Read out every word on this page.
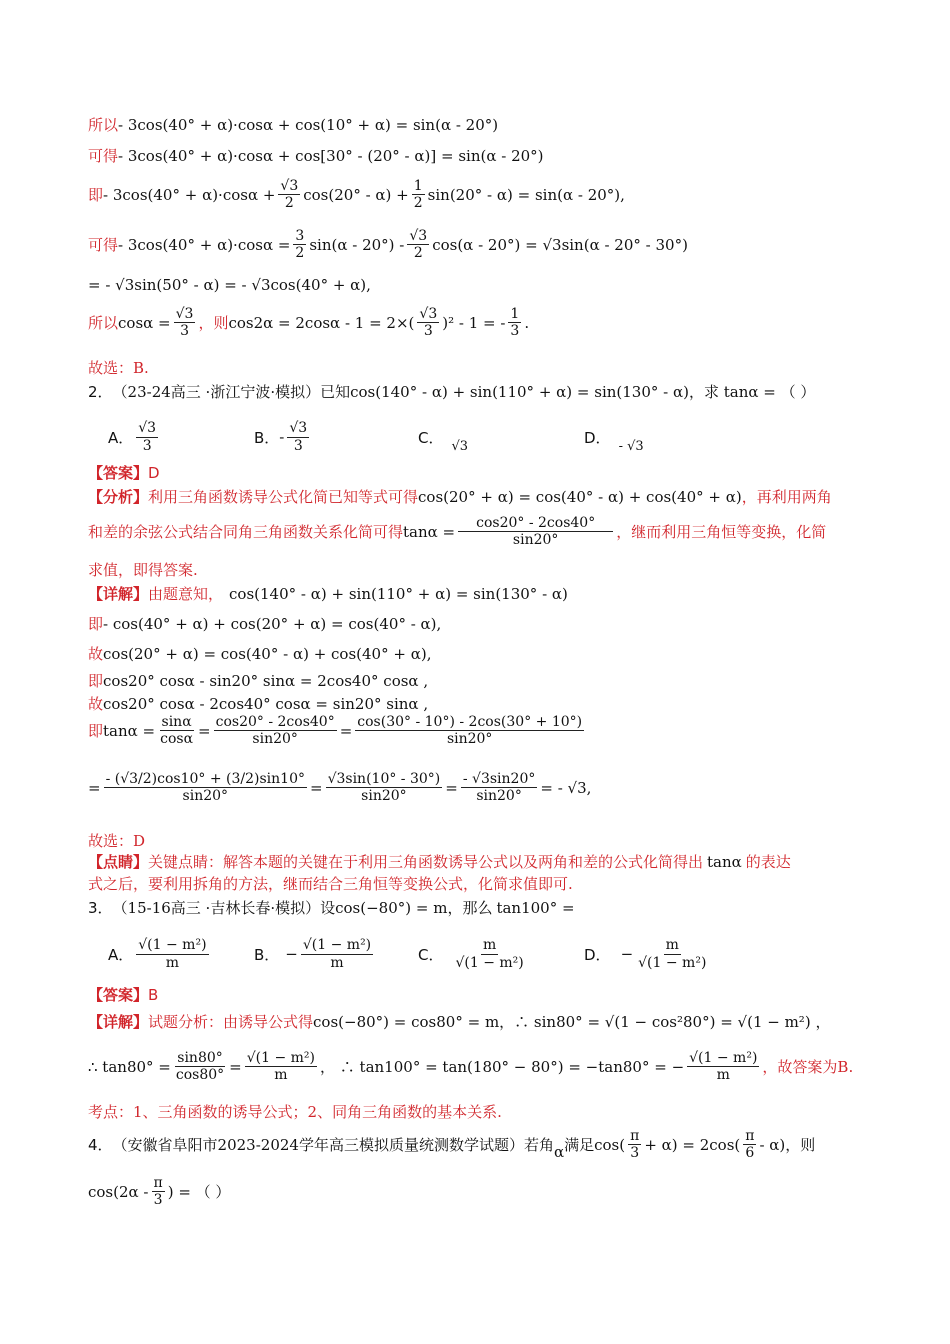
所以 - 3cos(40° + α)·cosα + cos(10° + α) = sin(α - 20°)
可得 - 3cos(40° + α)·cosα + cos[30° - (20° - α)] = sin(α - 20°)
即 - $3\cos(40^\circ + \alpha)\cdot\cos\alpha + \frac{√3}{2} \cos(20^\circ - \alpha) + \frac{1}{2} \sin(20^\circ - \alpha) = \sin(\alpha - 20^\circ)$,
可得 - $3\cos(40^\circ + \alpha)\cdot\cos\alpha = \frac{3}{2} \sin(\alpha - 20^\circ) - \frac{√3}{2} \cos(\alpha - 20^\circ) = √3\sin(\alpha - 20^\circ - 30^\circ)$
= - √3sin(50° - α) = - √3cos(40° + α),
所以 $\cos\alpha = \frac{√3}{3}$ ，则 $\cos 2\alpha = 2\cos\alpha - 1 = 2\times( \frac{√3}{3} )^2 - 1$ = - $\frac{1}{3}$ .
故选：B.
2． （23-24高三 ·浙江宁波·模拟）已知 cos(140° - α) + sin(110° + α) = sin(130° - α) ，求 tanα = （ ）
A． $\frac{√3}{3}$	B． - $\frac{√3}{3}$	C． √3	D． - √3
【答案】 D
【分析】 利用三角函数诱导公式化简已知等式可得 cos(20° + α) = cos(40° - α) + cos(40° + α) ，再利用两角
和差的余弦公式结合同角三角函数关系化简可得 $\tan\alpha = \frac{\cos 20^\circ - 2\cos 40^\circ}{\sin 20^\circ}$ ，继而利用三角恒等变换，化简
求值，即得答案.
【详解】 由题意知， cos(140° - α) + sin(110° + α) = sin(130° - α)
即 - cos(40° + α) + cos(20° + α) = cos(40° - α),
故 cos(20° + α) = cos(40° - α) + cos(40° + α),
即 cos20° cosα - sin20° sinα = 2cos40° cosα ,
故 cos20° cosα - 2cos40° cosα = sin20° sinα ,
即 $\tan\alpha = \frac{\sin\alpha}{\cos\alpha} = \frac{\cos 20^\circ - 2\cos 40^\circ}{\sin 20^\circ} = \frac{\cos(30^\circ - 10^\circ) - 2\cos(30^\circ + 10^\circ)}{\sin 20^\circ}$
= $\frac{- (√3/2)\cos 10^\circ + (3/2)\sin 10^\circ}{\sin 20^\circ} = \frac{√3\sin(10^\circ - 30^\circ)}{\sin 20^\circ} = \frac{- √3\sin 20^\circ}{\sin 20^\circ}$ = - √3,
故选：D
【点睛】 关键点睛：解答本题的关键在于利用三角函数诱导公式以及两角和差的公式化简得出 tanα 的表达
式之后，要利用拆角的方法，继而结合三角恒等变换公式，化简求值即可.
3． （15-16高三 ·吉林长春·模拟）设 cos(−80°) = m ，那么 tan100° =
A． $\frac{\text{√(1 − m²)}}{m}$	B． − $\frac{\text{√(1 − m²)}}{m}$	C． $\frac{m}{\text{√(1 − m²)}}$	D． − $\frac{m}{\text{√(1 − m²)}}$
【答案】 B
【详解】 试题分析：由诱导公式得 cos(−80°) = cos80° = m，∴ sin80° = √(1 − cos²80°) = √(1 − m²) ，
∴ $\tan 80^\circ = \frac{\sin 80^\circ}{\cos 80^\circ} = \frac{\text{√(1 − m²)}}{m}$ ， ∴ tan100° = tan(180° − 80°) = −tan80° = − $\frac{\text{√(1 − m²)}}{m}$ ，故答案为B.
考点：1、三角函数的诱导公式；2、同角三角函数的基本关系.
4． （安徽省阜阳市2023-2024学年高三模拟质量统测数学试题）若角 α 满足 $\cos( \frac{\pi}{3} + \alpha) = 2\cos( \frac{\pi}{6} - \alpha)$，则
$\cos(2\alpha - \frac{\pi}{3}$ ) = （ ）
